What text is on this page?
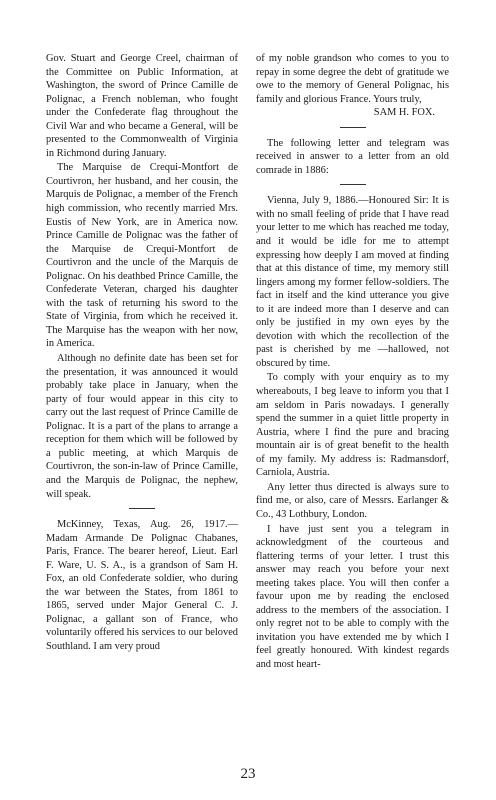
Gov. Stuart and George Creel, chairman of the Committee on Public Information, at Washington, the sword of Prince Camille de Polignac, a French nobleman, who fought under the Confederate flag throughout the Civil War and who became a General, will be presented to the Commonwealth of Virginia in Richmond during January.

The Marquise de Crequi-Montfort de Courtivron, her husband, and her cousin, the Marquis de Polignac, a member of the French high commission, who recently married Mrs. Eustis of New York, are in America now. Prince Camille de Polignac was the father of the Marquise de Crequi-Montfort de Courtivron and the uncle of the Marquis de Polignac. On his deathbed Prince Camille, the Confederate Veteran, charged his daughter with the task of returning his sword to the State of Virginia, from which he received it. The Marquise has the weapon with her now, in America.

Although no definite date has been set for the presentation, it was announced it would probably take place in January, when the party of four would appear in this city to carry out the last request of Prince Camille de Polignac. It is a part of the plans to arrange a reception for them which will be followed by a public meeting, at which Marquis de Courtivron, the son-in-law of Prince Camille, and the Marquis de Polignac, the nephew, will speak.

McKinney, Texas, Aug. 26, 1917.—Madam Armande De Polignac Chabanes, Paris, France. The bearer hereof, Lieut. Earl F. Ware, U. S. A., is a grandson of Sam H. Fox, an old Confederate soldier, who during the war between the States, from 1861 to 1865, served under Major General C. J. Polignac, a gallant son of France, who voluntarily offered his services to our beloved Southland. I am very proud

of my noble grandson who comes to you to repay in some degree the debt of gratitude we owe to the memory of General Polignac, his family and glorious France. Yours truly,

SAM H. FOX.

The following letter and telegram was received in answer to a letter from an old comrade in 1886:

Vienna, July 9, 1886.—Honoured Sir: It is with no small feeling of pride that I have read your letter to me which has reached me today, and it would be idle for me to attempt expressing how deeply I am moved at finding that at this distance of time, my memory still lingers among my former fellow-soldiers. The fact in itself and the kind utterance you give to it are indeed more than I deserve and can only be justified in my own eyes by the devotion with which the recollection of the past is cherished by me —hallowed, not obscured by time.

To comply with your enquiry as to my whereabouts, I beg leave to inform you that I am seldom in Paris nowadays. I generally spend the summer in a quiet little property in Austria, where I find the pure and bracing mountain air is of great benefit to the health of my family. My address is: Radmansdorf, Carniola, Austria.

Any letter thus directed is always sure to find me, or also, care of Messrs. Earlanger & Co., 43 Lothbury, London.

I have just sent you a telegram in acknowledgment of the courteous and flattering terms of your letter. I trust this answer may reach you before your next meeting takes place. You will then confer a favour upon me by reading the enclosed address to the members of the association. I only regret not to be able to comply with the invitation you have extended me by which I feel greatly honoured. With kindest regards and most heart-

23
